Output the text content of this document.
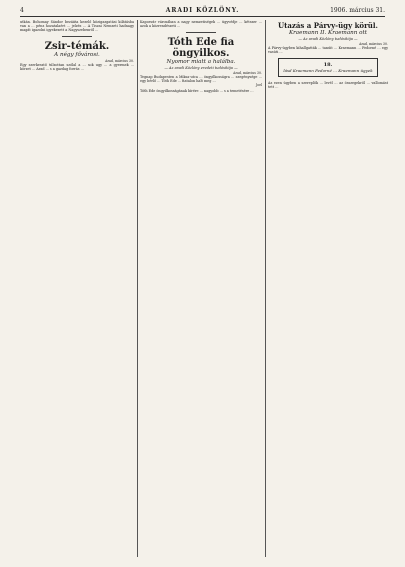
4	ARADI KÖZLÖNY.	1906. március 31.

utkán. Bohomay Sándor bezáiita kezelő közigazgatási kilátásba van a ... pénz hozatalaért ... jelzés ... A Tiszai Nemzeti hadnagy magát igazolni igyekezett a Nagyszebenről ...

Zsir-témák.

A négy fővárosi.

Arad, március 30.

Egy szerkesztő túlzottan szólal a ... sok ugy ... a gyermek ... körzet ... Arad ... s a gazdag forrás ...

Kaposvár városában a nagy nemzetiségek ... ügyvédje ... kétszer ... azok a közrendészeti ...

Tóth Ede fia öngyilkos.

Nyomor miatt a halálba.

— Az aradi Közlöny eredeti tudósítója —

Arad, március 30.

Tegnap Budapesten a Miksa-utca ... öngyilkosságra ... szegénysége ... egy bérlő ... Tóth Ede ... fiatalon halt meg ...

Joel

Tóth Ede öngyilkosságának hírére ... nagyobb ... s a temetésére ...

Utazás a Párvy-ügy körül.

Kraemann II. Kraemann ott

— Az aradi Közlöny tudósítója —

Arad, március 30.

A Párvy-ügyben kihallgatták ... tanúit ... Kraemann ... Fedorné ... egy vasúti ...

18.
lásd Kraemann Fedorné ... Kraemann ügyek

Az ezen ügyben a szereplők ... levél ... az összegekről ... vallomást tett ...
